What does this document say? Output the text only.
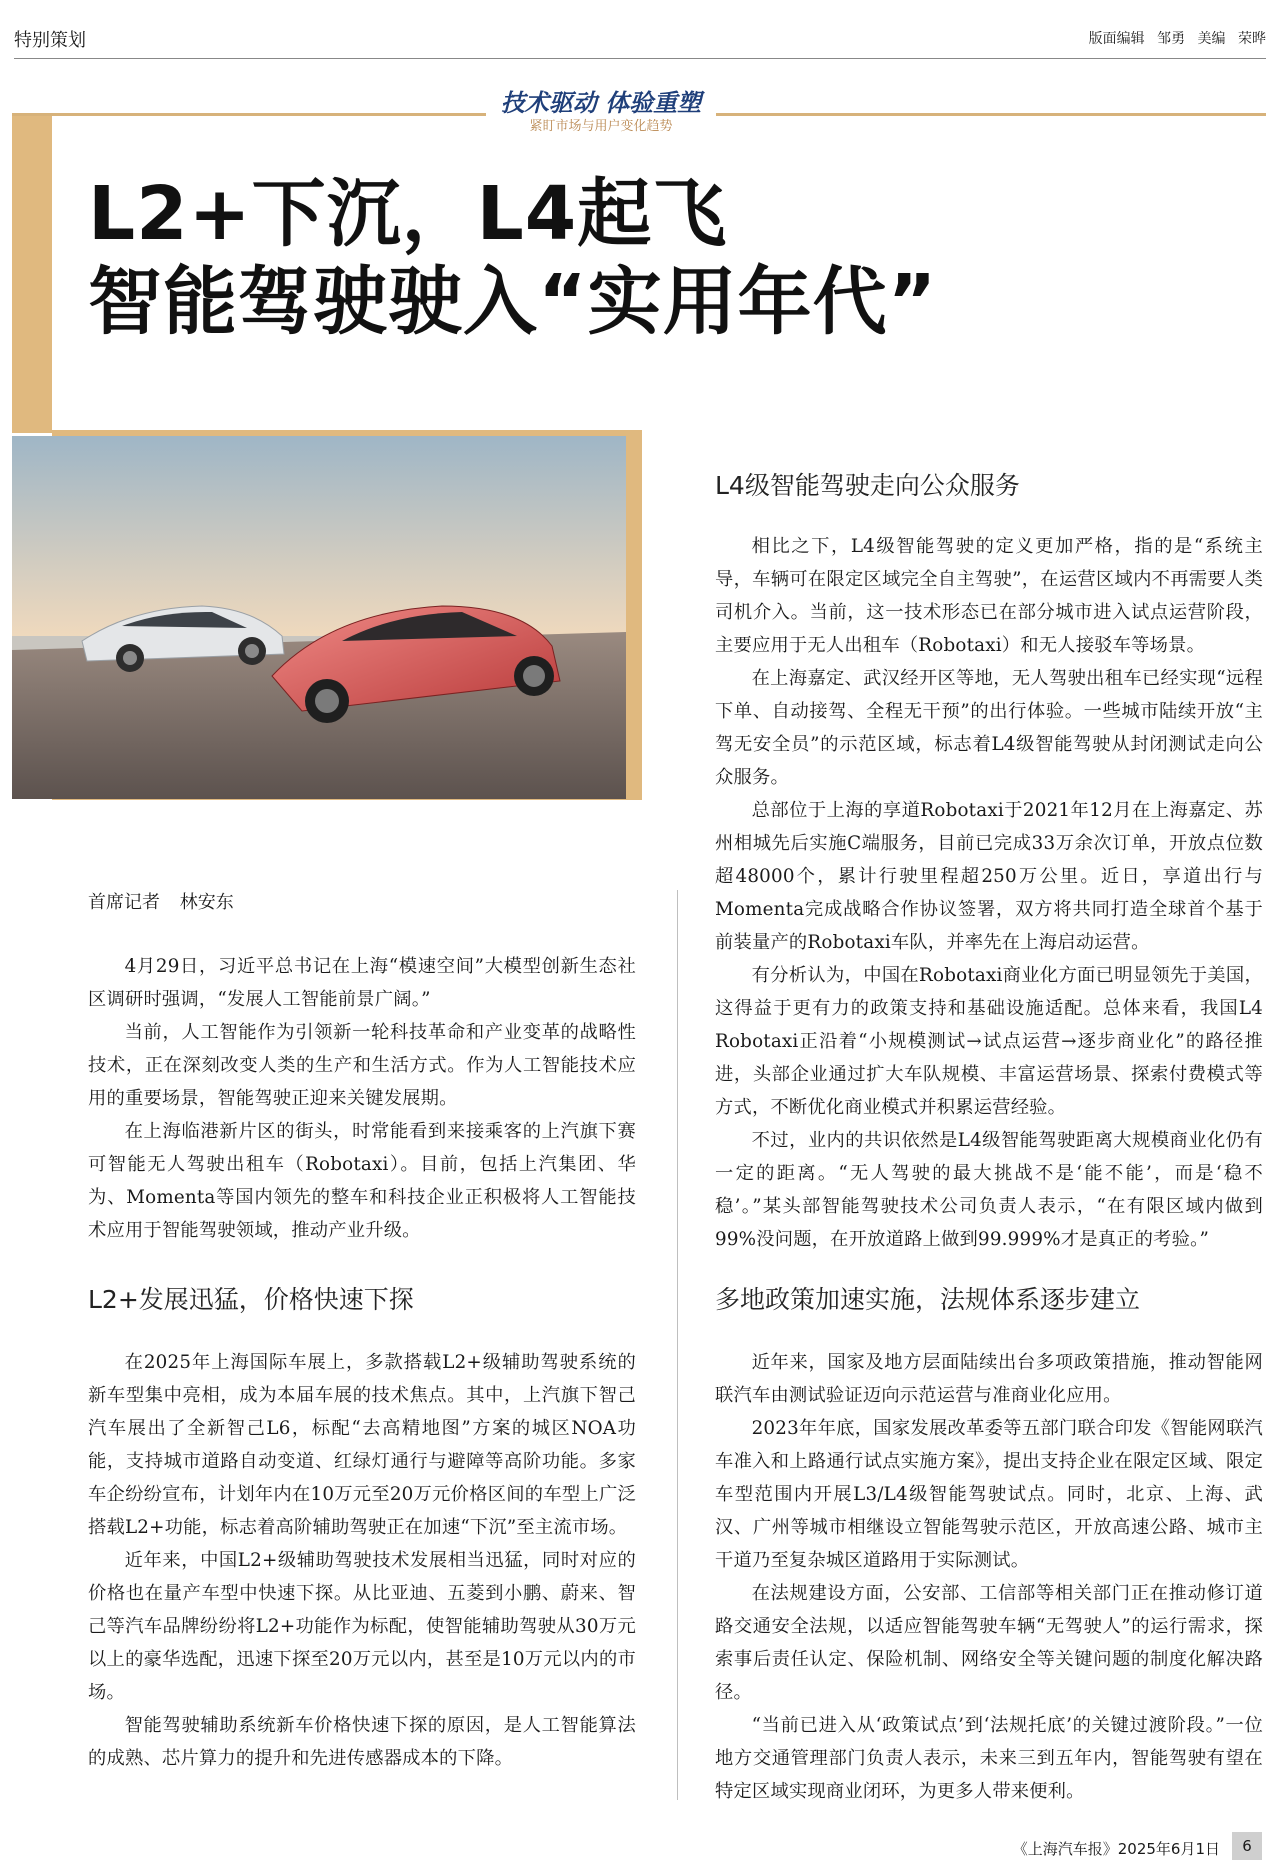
特别策划	版面编辑 邹勇 美编 荣晔
技术驱动 体验重塑
紧盯市场与用户变化趋势
L2+下沉，L4起飞
智能驾驶驶入“实用年代”
首席记者 林安东

4月29日，习近平总书记在上海“模速空间”大模型创新生态社区调研时强调，“发展人工智能前景广阔。”

当前，人工智能作为引领新一轮科技革命和产业变革的战略性技术，正在深刻改变人类的生产和生活方式。作为人工智能技术应用的重要场景，智能驾驶正迎来关键发展期。

在上海临港新片区的街头，时常能看到来接乘客的上汽旗下赛可智能无人驾驶出租车（Robotaxi）。目前，包括上汽集团、华为、Momenta等国内领先的整车和科技企业正积极将人工智能技术应用于智能驾驶领域，推动产业升级。

L2+发展迅猛，价格快速下探

在2025年上海国际车展上，多款搭载L2+级辅助驾驶系统的新车型集中亮相，成为本届车展的技术焦点。其中，上汽旗下智己汽车展出了全新智己L6，标配“去高精地图”方案的城区NOA功能，支持城市道路自动变道、红绿灯通行与避障等高阶功能。多家车企纷纷宣布，计划年内在10万元至20万元价格区间的车型上广泛搭载L2+功能，标志着高阶辅助驾驶正在加速“下沉”至主流市场。

近年来，中国L2+级辅助驾驶技术发展相当迅猛，同时对应的价格也在量产车型中快速下探。从比亚迪、五菱到小鹏、蔚来、智己等汽车品牌纷纷将L2+功能作为标配，使智能辅助驾驶从30万元以上的豪华选配，迅速下探至20万元以内，甚至是10万元以内的市场。

智能驾驶辅助系统新车价格快速下探的原因，是人工智能算法的成熟、芯片算力的提升和先进传感器成本的下降。

L4级智能驾驶走向公众服务

相比之下，L4级智能驾驶的定义更加严格，指的是“系统主导，车辆可在限定区域完全自主驾驶”，在运营区域内不再需要人类司机介入。当前，这一技术形态已在部分城市进入试点运营阶段，主要应用于无人出租车（Robotaxi）和无人接驳车等场景。

在上海嘉定、武汉经开区等地，无人驾驶出租车已经实现“远程下单、自动接驾、全程无干预”的出行体验。一些城市陆续开放“主驾无安全员”的示范区域，标志着L4级智能驾驶从封闭测试走向公众服务。

总部位于上海的享道Robotaxi于2021年12月在上海嘉定、苏州相城先后实施C端服务，目前已完成33万余次订单，开放点位数超48000个，累计行驶里程超250万公里。近日，享道出行与Momenta完成战略合作协议签署，双方将共同打造全球首个基于前装量产的Robotaxi车队，并率先在上海启动运营。

有分析认为，中国在Robotaxi商业化方面已明显领先于美国，这得益于更有力的政策支持和基础设施适配。总体来看，我国L4 Robotaxi正沿着“小规模测试→试点运营→逐步商业化”的路径推进，头部企业通过扩大车队规模、丰富运营场景、探索付费模式等方式，不断优化商业模式并积累运营经验。

不过，业内的共识依然是L4级智能驾驶距离大规模商业化仍有一定的距离。“无人驾驶的最大挑战不是‘能不能’，而是‘稳不稳’。”某头部智能驾驶技术公司负责人表示，“在有限区域内做到99%没问题，在开放道路上做到99.999%才是真正的考验。”

多地政策加速实施，法规体系逐步建立

近年来，国家及地方层面陆续出台多项政策措施，推动智能网联汽车由测试验证迈向示范运营与准商业化应用。

2023年年底，国家发展改革委等五部门联合印发《智能网联汽车准入和上路通行试点实施方案》，提出支持企业在限定区域、限定车型范围内开展L3/L4级智能驾驶试点。同时，北京、上海、武汉、广州等城市相继设立智能驾驶示范区，开放高速公路、城市主干道乃至复杂城区道路用于实际测试。

在法规建设方面，公安部、工信部等相关部门正在推动修订道路交通安全法规，以适应智能驾驶车辆“无驾驶人”的运行需求，探索事后责任认定、保险机制、网络安全等关键问题的制度化解决路径。

“当前已进入从‘政策试点’到‘法规托底’的关键过渡阶段。”一位地方交通管理部门负责人表示，未来三到五年内，智能驾驶有望在特定区域实现商业闭环，为更多人带来便利。

《上海汽车报》2025年6月1日	6
